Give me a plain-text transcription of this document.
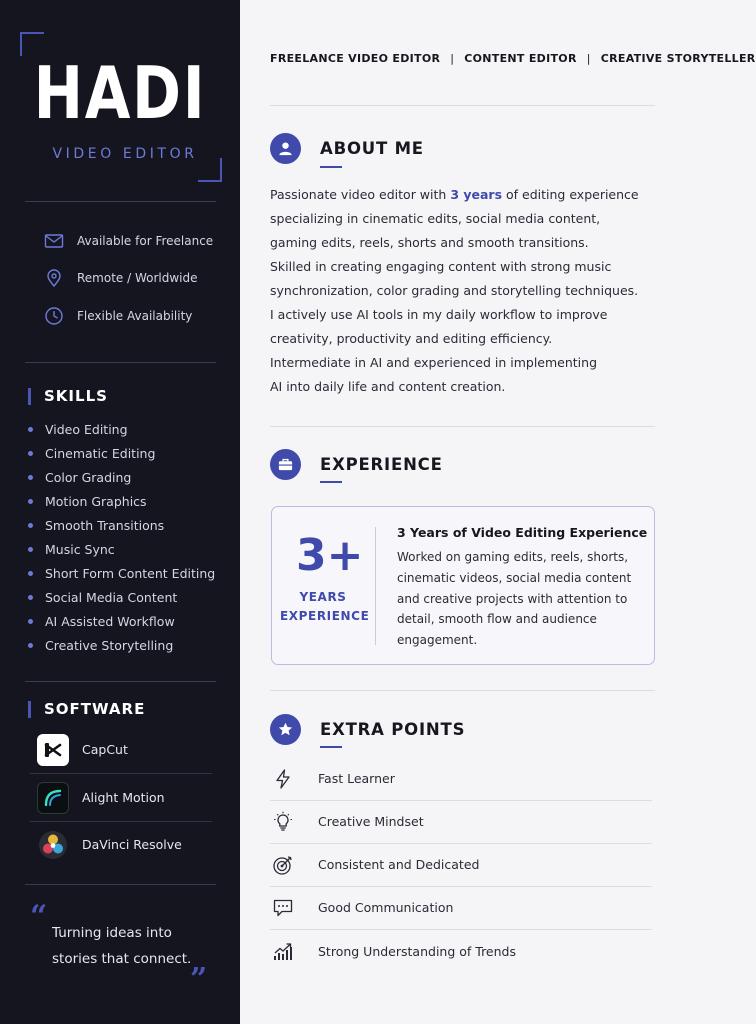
HADI
VIDEO EDITOR
Available for Freelance
Remote / Worldwide
Flexible Availability
SKILLS
Video Editing
Cinematic Editing
Color Grading
Motion Graphics
Smooth Transitions
Music Sync
Short Form Content Editing
Social Media Content
AI Assisted Workflow
Creative Storytelling
SOFTWARE
CapCut
Alight Motion
DaVinci Resolve
“ Turning ideas into
stories that connect.
”
FREELANCE VIDEO EDITOR | CONTENT EDITOR | CREATIVE STORYTELLER
ABOUT ME
Passionate video editor with 3 years of editing experience
specializing in cinematic edits, social media content,
gaming edits, reels, shorts and smooth transitions.
Skilled in creating engaging content with strong music
synchronization, color grading and storytelling techniques.
I actively use AI tools in my daily workflow to improve
creativity, productivity and editing efficiency.
Intermediate in AI and experienced in implementing
AI into daily life and content creation.
EXPERIENCE
3+
YEARS
EXPERIENCE
3 Years of Video Editing Experience
Worked on gaming edits, reels, shorts,
cinematic videos, social media content
and creative projects with attention to
detail, smooth flow and audience
engagement.
EXTRA POINTS
Fast Learner
Creative Mindset
Consistent and Dedicated
Good Communication
Strong Understanding of Trends
